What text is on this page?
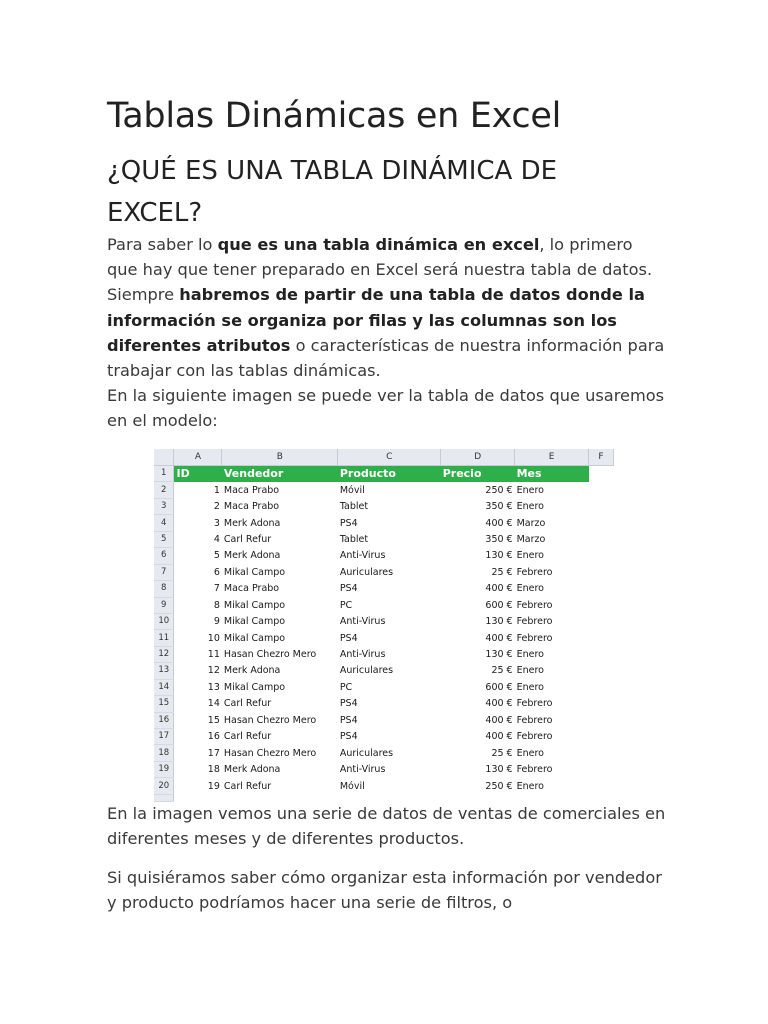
Tablas Dinámicas en Excel
¿QUÉ ES UNA TABLA DINÁMICA DE EXCEL?

Para saber lo que es una tabla dinámica en excel, lo primero que hay que tener preparado en Excel será nuestra tabla de datos. Siempre habremos de partir de una tabla de datos donde la información se organiza por filas y las columnas son los diferentes atributos o características de nuestra información para trabajar con las tablas dinámicas.
En la siguiente imagen se puede ver la tabla de datos que usaremos en el modelo:

En la imagen vemos una serie de datos de ventas de comerciales en diferentes meses y de diferentes productos.

Si quisiéramos saber cómo organizar esta información por vendedor y producto podríamos hacer una serie de filtros, o

	A	B	C	D	E	F
1	ID	Vendedor	Producto	Precio	Mes	
2	1	Maca Prabo	Móvil	250 €	Enero	
3	2	Maca Prabo	Tablet	350 €	Enero	
4	3	Merk Adona	PS4	400 €	Marzo	
5	4	Carl Refur	Tablet	350 €	Marzo	
6	5	Merk Adona	Anti-Virus	130 €	Enero	
7	6	Mikal Campo	Auriculares	25 €	Febrero	
8	7	Maca Prabo	PS4	400 €	Enero	
9	8	Mikal Campo	PC	600 €	Febrero	
10	9	Mikal Campo	Anti-Virus	130 €	Febrero	
11	10	Mikal Campo	PS4	400 €	Febrero	
12	11	Hasan Chezro Mero	Anti-Virus	130 €	Enero	
13	12	Merk Adona	Auriculares	25 €	Enero	
14	13	Mikal Campo	PC	600 €	Enero	
15	14	Carl Refur	PS4	400 €	Febrero	
16	15	Hasan Chezro Mero	PS4	400 €	Febrero	
17	16	Carl Refur	PS4	400 €	Febrero	
18	17	Hasan Chezro Mero	Auriculares	25 €	Enero	
19	18	Merk Adona	Anti-Virus	130 €	Febrero	
20	19	Carl Refur	Móvil	250 €	Enero	
